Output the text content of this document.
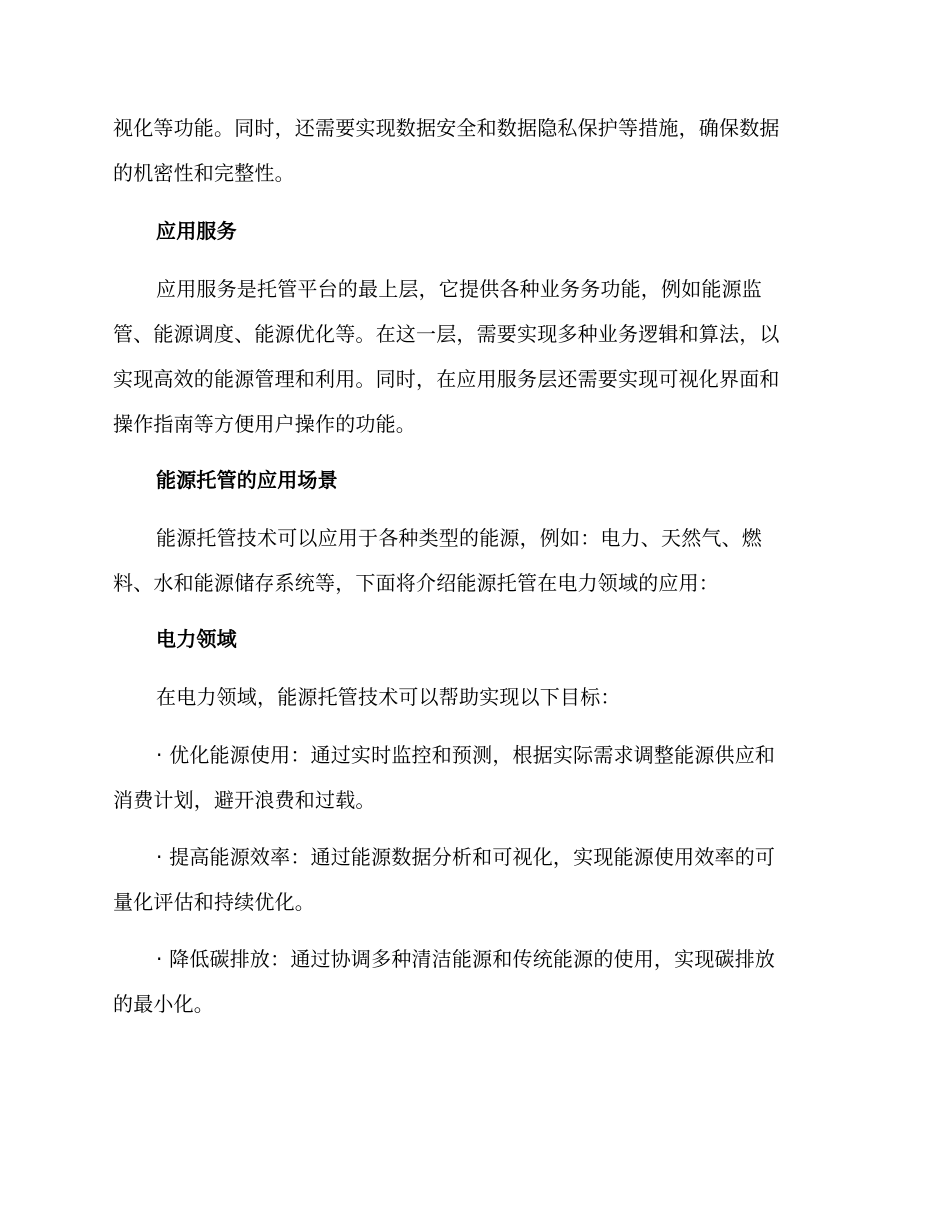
视化等功能。同时，还需要实现数据安全和数据隐私保护等措施，确保数据
的机密性和完整性。
应用服务
应用服务是托管平台的最上层，它提供各种业务务功能，例如能源监
管、能源调度、能源优化等。在这一层，需要实现多种业务逻辑和算法，以
实现高效的能源管理和利用。同时，在应用服务层还需要实现可视化界面和
操作指南等方便用户操作的功能。
能源托管的应用场景
能源托管技术可以应用于各种类型的能源，例如：电力、天然气、燃
料、水和能源储存系统等，下面将介绍能源托管在电力领域的应用：
电力领域
在电力领域，能源托管技术可以帮助实现以下目标：
· 优化能源使用：通过实时监控和预测，根据实际需求调整能源供应和
消费计划，避开浪费和过载。
· 提高能源效率：通过能源数据分析和可视化，实现能源使用效率的可
量化评估和持续优化。
· 降低碳排放：通过协调多种清洁能源和传统能源的使用，实现碳排放
的最小化。
